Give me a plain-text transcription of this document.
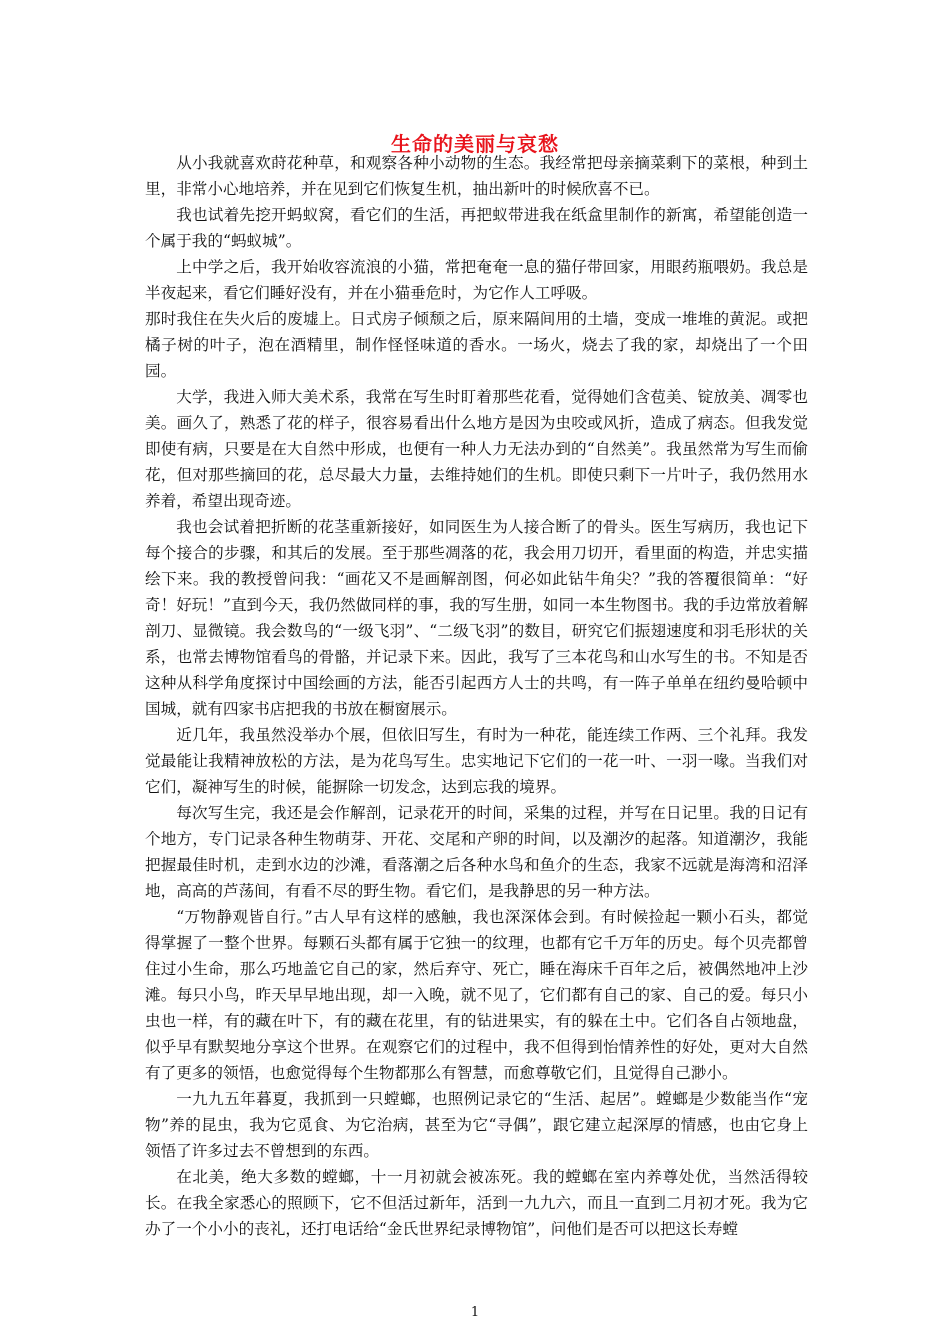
生命的美丽与哀愁

从小我就喜欢莳花种草，和观察各种小动物的生态。我经常把母亲摘菜剩下的菜根，种到土里，非常小心地培养，并在见到它们恢复生机，抽出新叶的时候欣喜不已。

我也试着先挖开蚂蚁窝，看它们的生活，再把蚁带进我在纸盒里制作的新寓，希望能创造一个属于我的“蚂蚁城”。

上中学之后，我开始收容流浪的小猫，常把奄奄一息的猫仔带回家，用眼药瓶喂奶。我总是半夜起来，看它们睡好没有，并在小猫垂危时，为它作人工呼吸。

那时我住在失火后的废墟上。日式房子倾颓之后，原来隔间用的土墙，变成一堆堆的黄泥。或把橘子树的叶子，泡在酒精里，制作怪怪味道的香水。一场火，烧去了我的家，却烧出了一个田园。

大学，我进入师大美术系，我常在写生时盯着那些花看，觉得她们含苞美、锭放美、凋零也美。画久了，熟悉了花的样子，很容易看出什么地方是因为虫咬或风折，造成了病态。但我发觉即使有病，只要是在大自然中形成，也便有一种人力无法办到的“自然美”。我虽然常为写生而偷花，但对那些摘回的花，总尽最大力量，去维持她们的生机。即使只剩下一片叶子，我仍然用水养着，希望出现奇迹。

我也会试着把折断的花茎重新接好，如同医生为人接合断了的骨头。医生写病历，我也记下每个接合的步骤，和其后的发展。至于那些凋落的花，我会用刀切开，看里面的构造，并忠实描绘下来。我的教授曾问我：“画花又不是画解剖图，何必如此钻牛角尖？”我的答覆很简单：“好奇！好玩！”直到今天，我仍然做同样的事，我的写生册，如同一本生物图书。我的手边常放着解剖刀、显微镜。我会数鸟的“一级飞羽”、“二级飞羽”的数目，研究它们振翅速度和羽毛形状的关系，也常去博物馆看鸟的骨骼，并记录下来。因此，我写了三本花鸟和山水写生的书。不知是否这种从科学角度探讨中国绘画的方法，能否引起西方人士的共鸣，有一阵子单单在纽约曼哈顿中国城，就有四家书店把我的书放在橱窗展示。

近几年，我虽然没举办个展，但依旧写生，有时为一种花，能连续工作两、三个礼拜。我发觉最能让我精神放松的方法，是为花鸟写生。忠实地记下它们的一花一叶、一羽一喙。当我们对它们，凝神写生的时候，能摒除一切发念，达到忘我的境界。

每次写生完，我还是会作解剖，记录花开的时间，采集的过程，并写在日记里。我的日记有个地方，专门记录各种生物萌芽、开花、交尾和产卵的时间，以及潮汐的起落。知道潮汐，我能把握最佳时机，走到水边的沙滩，看落潮之后各种水鸟和鱼介的生态，我家不远就是海湾和沼泽地，高高的芦荡间，有看不尽的野生物。看它们，是我静思的另一种方法。

“万物静观皆自行。”古人早有这样的感触，我也深深体会到。有时候捡起一颗小石头，都觉得掌握了一整个世界。每颗石头都有属于它独一的纹理，也都有它千万年的历史。每个贝壳都曾住过小生命，那么巧地盖它自己的家，然后弃守、死亡，睡在海床千百年之后，被偶然地冲上沙滩。每只小鸟，昨天早早地出现，却一入晚，就不见了，它们都有自己的家、自己的爱。每只小虫也一样，有的藏在叶下，有的藏在花里，有的钻进果实，有的躲在土中。它们各自占领地盘，似乎早有默契地分享这个世界。在观察它们的过程中，我不但得到怡情养性的好处，更对大自然有了更多的领悟，也愈觉得每个生物都那么有智慧，而愈尊敬它们，且觉得自己渺小。

一九九五年暮夏，我抓到一只螳螂，也照例记录它的“生活、起居”。螳螂是少数能当作“宠物”养的昆虫，我为它觅食、为它治病，甚至为它“寻偶”，跟它建立起深厚的情感，也由它身上领悟了许多过去不曾想到的东西。

在北美，绝大多数的螳螂，十一月初就会被冻死。我的螳螂在室内养尊处优，当然活得较长。在我全家悉心的照顾下，它不但活过新年，活到一九九六，而且一直到二月初才死。我为它办了一个小小的丧礼，还打电话给“金氏世界纪录博物馆”，问他们是否可以把这长寿螳

1
